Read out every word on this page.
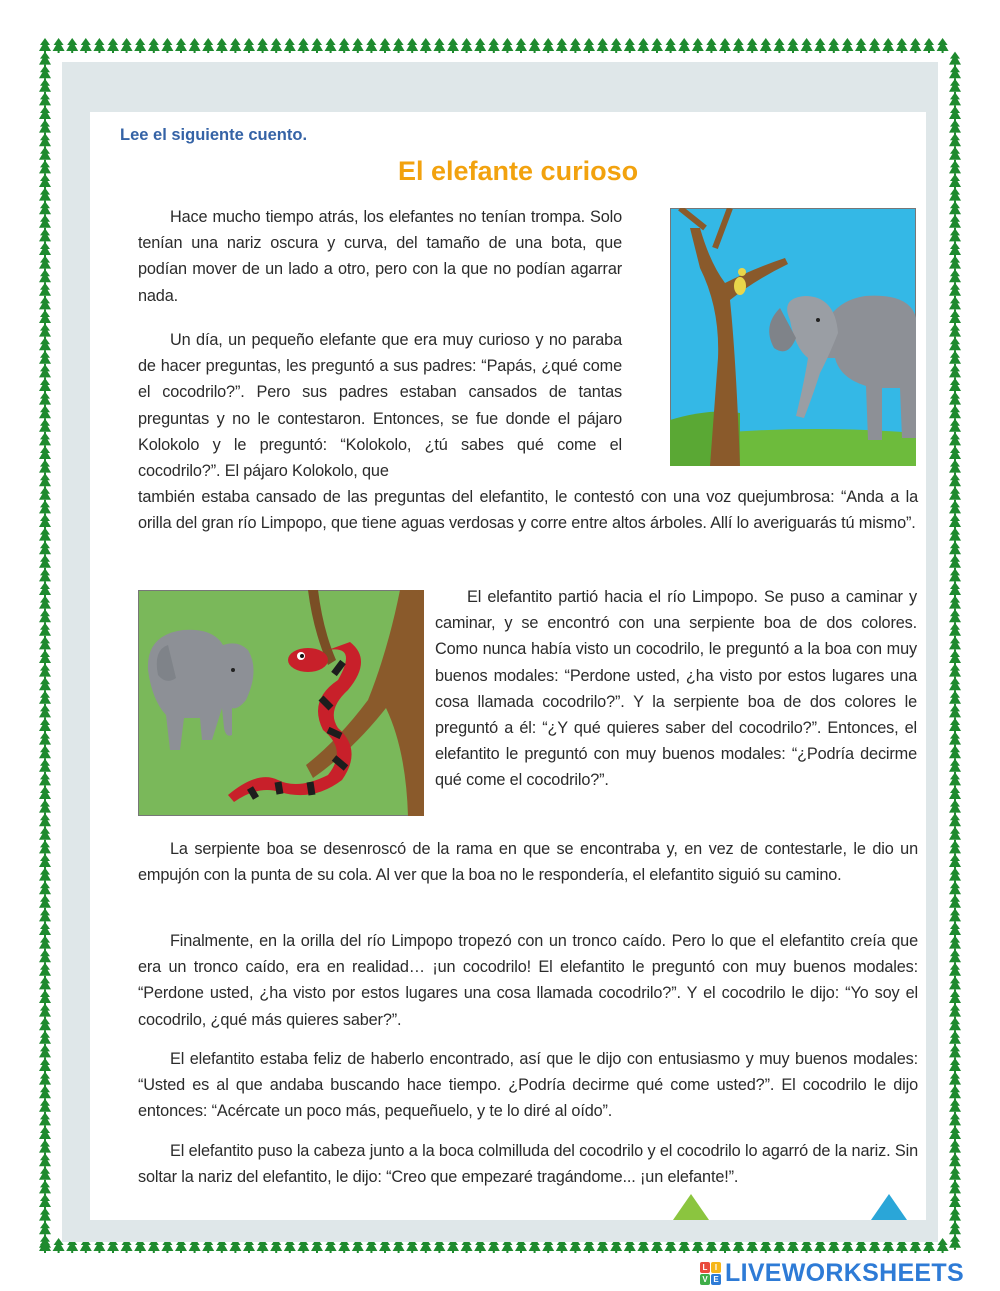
Lee el siguiente cuento.

El elefante curioso

Hace mucho tiempo atrás, los elefantes no tenían trompa. Solo tenían una nariz oscura y curva, del tamaño de una bota, que podían mover de un lado a otro, pero con la que no podían agarrar nada.

Un día, un pequeño elefante que era muy curioso y no paraba de hacer preguntas, les preguntó a sus padres: “Papás, ¿qué come el cocodrilo?”. Pero sus padres estaban cansados de tantas preguntas y no le contestaron. Entonces, se fue donde el pájaro Kolokolo y le preguntó: “Kolokolo, ¿tú sabes qué come el cocodrilo?”. El pájaro Kolokolo, que

también estaba cansado de las preguntas del elefantito, le contestó con una voz quejumbrosa: “Anda a la orilla del gran río Limpopo, que tiene aguas verdosas y corre entre altos árboles. Allí lo averiguarás tú mismo”.

El elefantito partió hacia el río Limpopo. Se puso a caminar y caminar, y se encontró con una serpiente boa de dos colores. Como nunca había visto un cocodrilo, le preguntó a la boa con muy buenos modales: “Perdone usted, ¿ha visto por estos lugares una cosa llamada cocodrilo?”. Y la serpiente boa de dos colores le preguntó a él: “¿Y qué quieres saber del cocodrilo?”. Entonces, el elefantito le preguntó con muy buenos modales: “¿Podría decirme qué come el cocodrilo?”.

La serpiente boa se desenroscó de la rama en que se encontraba y, en vez de contestarle, le dio un empujón con la punta de su cola. Al ver que la boa no le respondería, el elefantito siguió su camino.

Finalmente, en la orilla del río Limpopo tropezó con un tronco caído. Pero lo que el elefantito creía que era un tronco caído, era en realidad… ¡un cocodrilo! El elefantito le preguntó con muy buenos modales: “Perdone usted, ¿ha visto por estos lugares una cosa llamada cocodrilo?”. Y el cocodrilo le dijo: “Yo soy el cocodrilo, ¿qué más quieres saber?”.

El elefantito estaba feliz de haberlo encontrado, así que le dijo con entusiasmo y muy buenos modales: “Usted es al que andaba buscando hace tiempo. ¿Podría decirme qué come usted?”. El cocodrilo le dijo entonces: “Acércate un poco más, pequeñuelo, y te lo diré al oído”.

El elefantito puso la cabeza junto a la boca colmilluda del cocodrilo y el cocodrilo lo agarró de la nariz. Sin soltar la nariz del elefantito, le dijo: “Creo que empezaré tragándome... ¡un elefante!”.

L I
V E LIVEWORKSHEETS
